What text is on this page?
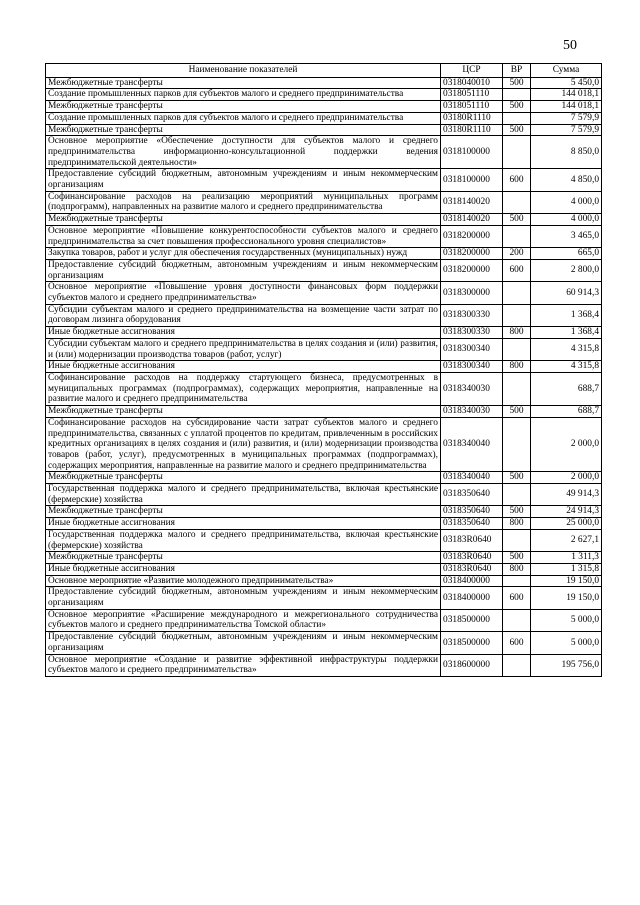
50
Наименование показателей	ЦСР	ВР	Сумма
Межбюджетные трансферты	0318040010	500	5 450,0
Создание промышленных парков для субъектов малого и среднего предпринимательства	0318051110		144 018,1
Межбюджетные трансферты	0318051110	500	144 018,1
Создание промышленных парков для субъектов малого и среднего предпринимательства	03180R1110		7 579,9
Межбюджетные трансферты	03180R1110	500	7 579,9
Основное мероприятие «Обеспечение доступности для субъектов малого и среднего предпринимательства информационно-консультационной поддержки ведения предпринимательской деятельности»	0318100000		8 850,0
Предоставление субсидий бюджетным, автономным учреждениям и иным некоммерческим организациям	0318100000	600	4 850,0
Софинансирование расходов на реализацию мероприятий муниципальных программ (подпрограмм), направленных на развитие малого и среднего предпринимательства	0318140020		4 000,0
Межбюджетные трансферты	0318140020	500	4 000,0
Основное мероприятие «Повышение конкурентоспособности субъектов малого и среднего предпринимательства за счет повышения профессионального уровня специалистов»	0318200000		3 465,0
Закупка товаров, работ и услуг для обеспечения государственных (муниципальных) нужд	0318200000	200	665,0
Предоставление субсидий бюджетным, автономным учреждениям и иным некоммерческим организациям	0318200000	600	2 800,0
Основное мероприятие «Повышение уровня доступности финансовых форм поддержки субъектов малого и среднего предпринимательства»	0318300000		60 914,3
Субсидии субъектам малого и среднего предпринимательства на возмещение части затрат по договорам лизинга оборудования	0318300330		1 368,4
Иные бюджетные ассигнования	0318300330	800	1 368,4
Субсидии субъектам малого и среднего предпринимательства в целях создания и (или) развития, и (или) модернизации производства товаров (работ, услуг)	0318300340		4 315,8
Иные бюджетные ассигнования	0318300340	800	4 315,8
Софинансирование расходов на поддержку стартующего бизнеса, предусмотренных в муниципальных программах (подпрограммах), содержащих мероприятия, направленные на развитие малого и среднего предпринимательства	0318340030		688,7
Межбюджетные трансферты	0318340030	500	688,7
Софинансирование расходов на субсидирование части затрат субъектов малого и среднего предпринимательства, связанных с уплатой процентов по кредитам, привлеченным в российских кредитных организациях в целях создания и (или) развития, и (или) модернизации производства товаров (работ, услуг), предусмотренных в муниципальных программах (подпрограммах), содержащих мероприятия, направленные на развитие малого и среднего предпринимательства	0318340040		2 000,0
Межбюджетные трансферты	0318340040	500	2 000,0
Государственная поддержка малого и среднего предпринимательства, включая крестьянские (фермерские) хозяйства	0318350640		49 914,3
Межбюджетные трансферты	0318350640	500	24 914,3
Иные бюджетные ассигнования	0318350640	800	25 000,0
Государственная поддержка малого и среднего предпринимательства, включая крестьянские (фермерские) хозяйства	03183R0640		2 627,1
Межбюджетные трансферты	03183R0640	500	1 311,3
Иные бюджетные ассигнования	03183R0640	800	1 315,8
Основное мероприятие «Развитие молодежного предпринимательства»	0318400000		19 150,0
Предоставление субсидий бюджетным, автономным учреждениям и иным некоммерческим организациям	0318400000	600	19 150,0
Основное мероприятие «Расширение международного и межрегионального сотрудничества субъектов малого и среднего предпринимательства Томской области»	0318500000		5 000,0
Предоставление субсидий бюджетным, автономным учреждениям и иным некоммерческим организациям	0318500000	600	5 000,0
Основное мероприятие «Создание и развитие эффективной инфраструктуры поддержки субъектов малого и среднего предпринимательства»	0318600000		195 756,0
